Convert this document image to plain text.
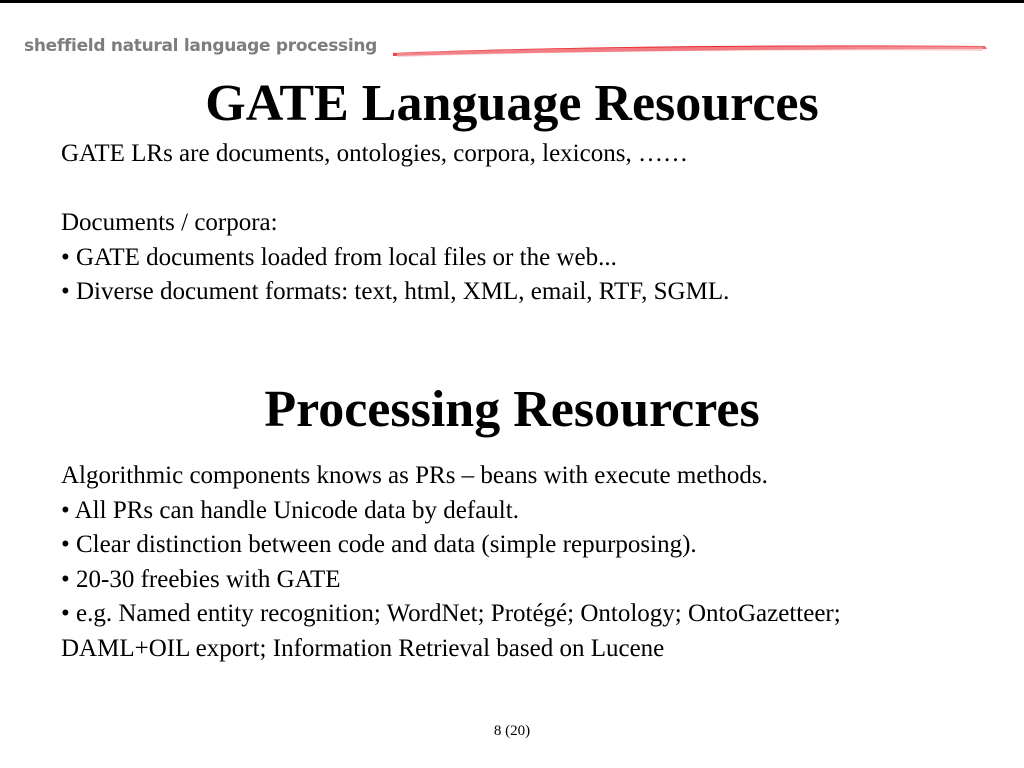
sheffield natural language processing
GATE Language Resources
GATE LRs are documents, ontologies, corpora, lexicons, ……
Documents / corpora:
• GATE documents loaded from local files or the web...
• Diverse document formats: text, html, XML, email, RTF, SGML.
Processing Resourcres
Algorithmic components knows as PRs – beans with execute methods.
• All PRs can handle Unicode data by default.
• Clear distinction between code and data (simple repurposing).
• 20-30 freebies with GATE
• e.g. Named entity recognition; WordNet; Protégé; Ontology; OntoGazetteer;
DAML+OIL export; Information Retrieval based on Lucene
8 (20)
